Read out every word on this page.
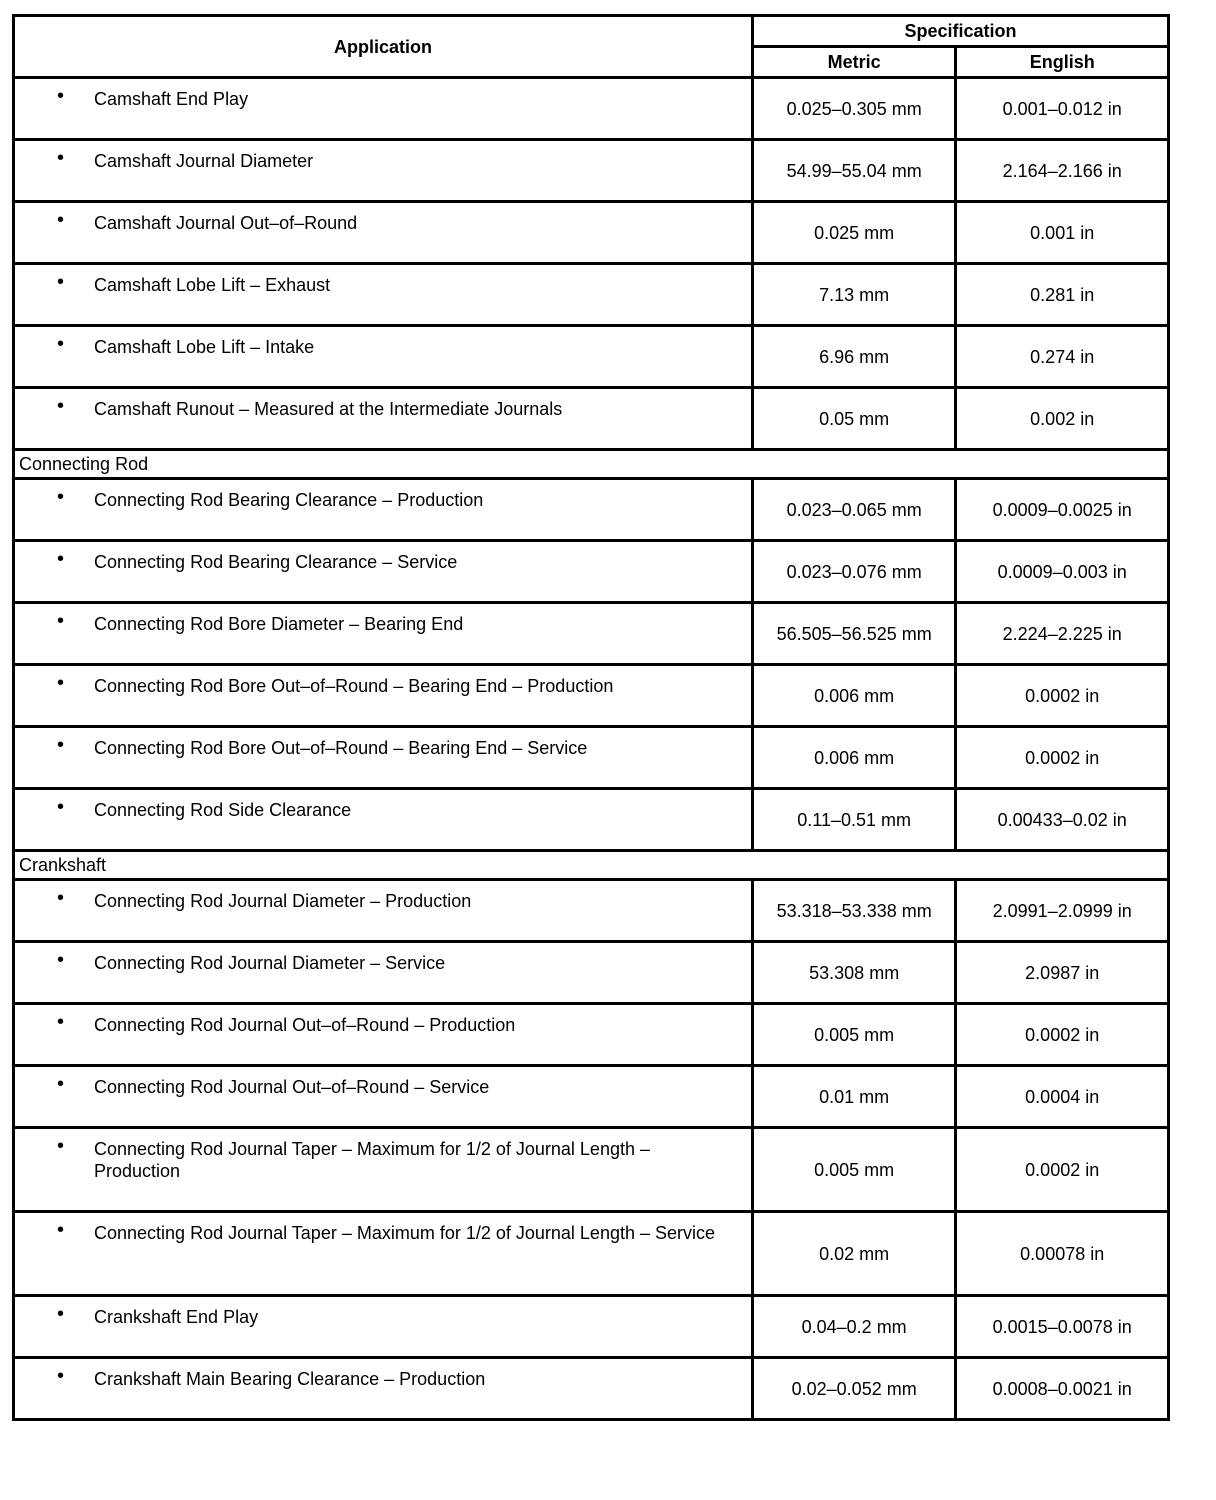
Application	Specification	
	Metric	English

• Camshaft End Play	0.025–0.305 mm	0.001–0.012 in

• Camshaft Journal Diameter	54.99–55.04 mm	2.164–2.166 in

• Camshaft Journal Out–of–Round	0.025 mm	0.001 in

• Camshaft Lobe Lift – Exhaust	7.13 mm	0.281 in

• Camshaft Lobe Lift – Intake	6.96 mm	0.274 in

• Camshaft Runout – Measured at the Intermediate Journals	0.05 mm	0.002 in
Connecting Rod		

• Connecting Rod Bearing Clearance – Production	0.023–0.065 mm	0.0009–0.0025 in

• Connecting Rod Bearing Clearance – Service	0.023–0.076 mm	0.0009–0.003 in

• Connecting Rod Bore Diameter – Bearing End	56.505–56.525 mm	2.224–2.225 in

• Connecting Rod Bore Out–of–Round – Bearing End – Production	0.006 mm	0.0002 in

• Connecting Rod Bore Out–of–Round – Bearing End – Service	0.006 mm	0.0002 in

• Connecting Rod Side Clearance	0.11–0.51 mm	0.00433–0.02 in
Crankshaft		

• Connecting Rod Journal Diameter – Production	53.318–53.338 mm	2.0991–2.0999 in

• Connecting Rod Journal Diameter – Service	53.308 mm	2.0987 in

• Connecting Rod Journal Out–of–Round – Production	0.005 mm	0.0002 in

• Connecting Rod Journal Out–of–Round – Service	0.01 mm	0.0004 in

• Connecting Rod Journal Taper – Maximum for 1/2 of Journal Length – Production	0.005 mm	0.0002 in

• Connecting Rod Journal Taper – Maximum for 1/2 of Journal Length – Service	0.02 mm	0.00078 in

• Crankshaft End Play	0.04–0.2 mm	0.0015–0.0078 in

• Crankshaft Main Bearing Clearance – Production	0.02–0.052 mm	0.0008–0.0021 in
